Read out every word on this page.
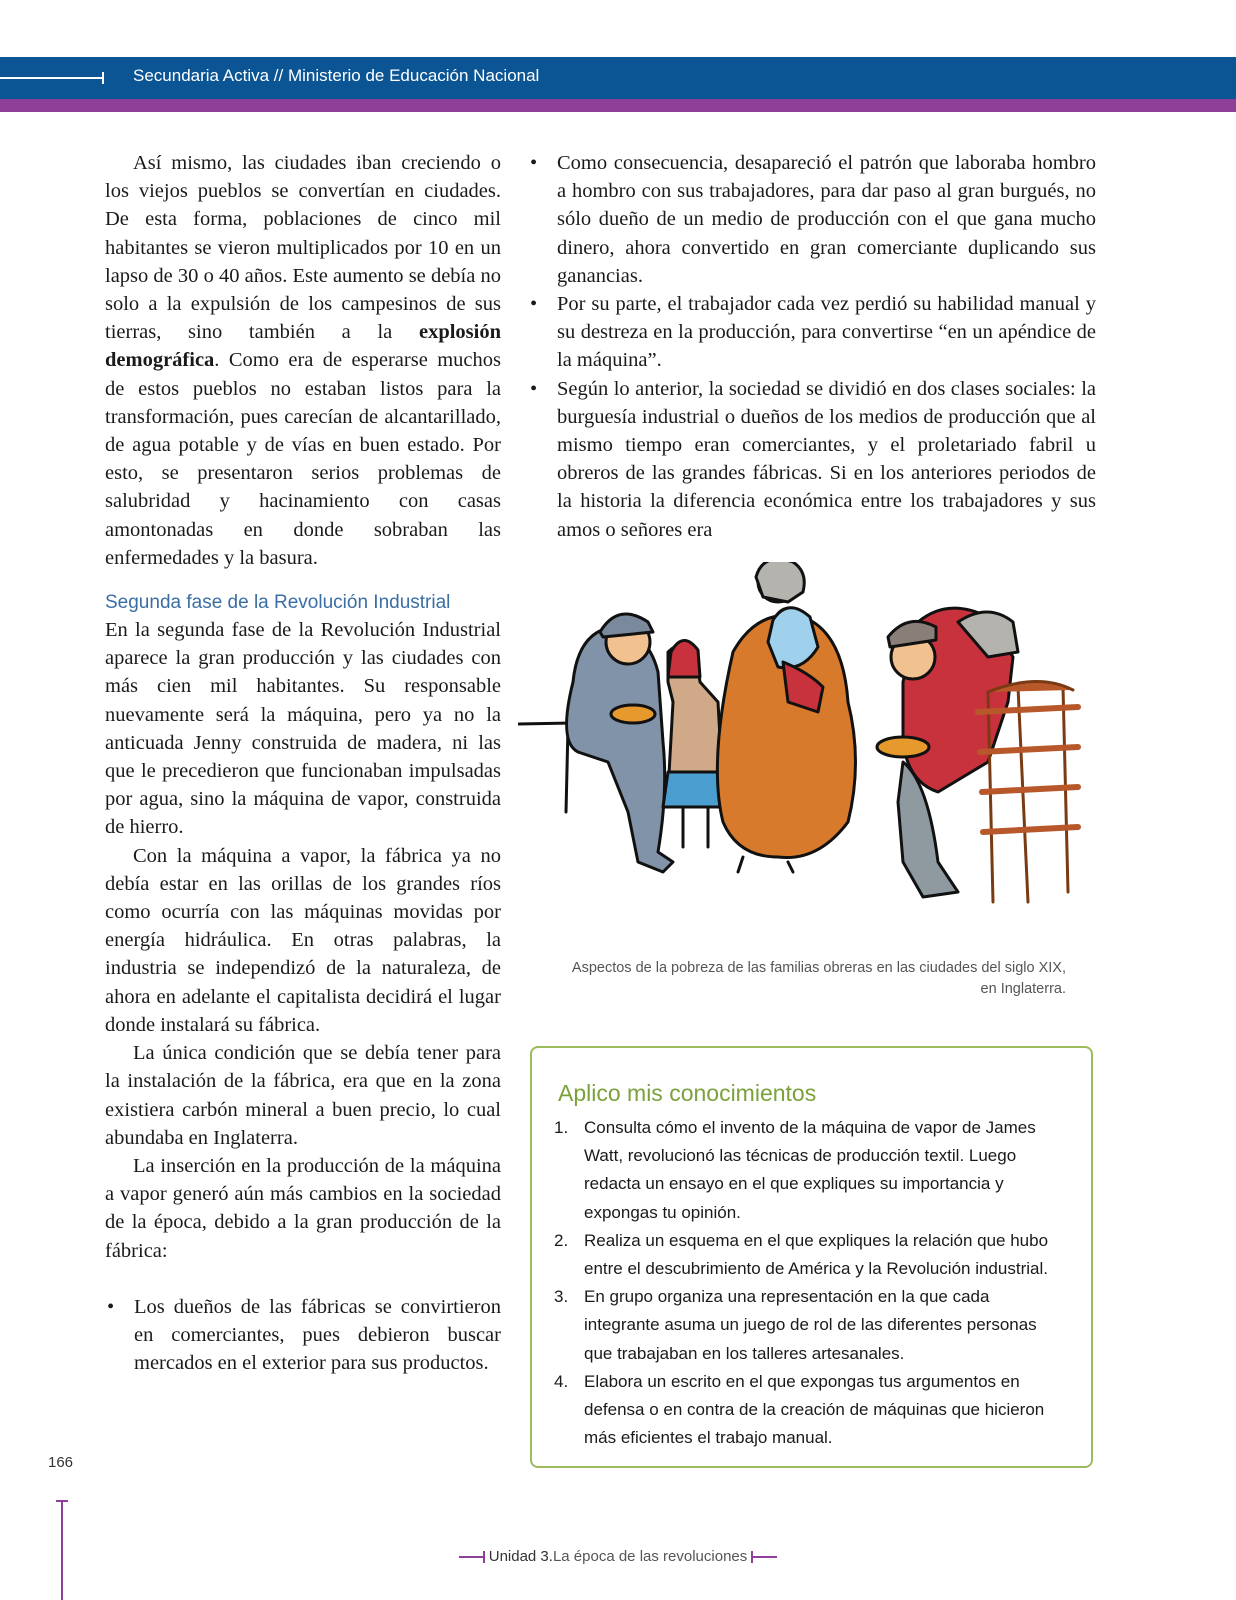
Secundaria Activa // Ministerio de Educación Nacional

Así mismo, las ciudades iban creciendo o los viejos pueblos se convertían en ciudades. De esta forma, poblaciones de cinco mil habitantes se vieron multiplicados por 10 en un lapso de 30 o 40 años. Este aumento se debía no solo a la expulsión de los campesinos de sus tierras, sino también a la explosión demográfica. Como era de esperarse muchos de estos pueblos no estaban listos para la transformación, pues carecían de alcantarillado, de agua potable y de vías en buen estado. Por esto, se presentaron serios problemas de salubridad y hacinamiento con casas amontonadas en donde sobraban las enfermedades y la basura.

Segunda fase de la Revolución Industrial

En la segunda fase de la Revolución Industrial aparece la gran producción y las ciudades con más cien mil habitantes. Su responsable nuevamente será la máquina, pero ya no la anticuada Jenny construida de madera, ni las que le precedieron que funcionaban impulsadas por agua, sino la máquina de vapor, construida de hierro.

Con la máquina a vapor, la fábrica ya no debía estar en las orillas de los grandes ríos como ocurría con las máquinas movidas por energía hidráulica. En otras palabras, la industria se independizó de la naturaleza, de ahora en adelante el capitalista decidirá el lugar donde instalará su fábrica.

La única condición que se debía tener para la instalación de la fábrica, era que en la zona existiera carbón mineral a buen precio, lo cual abundaba en Inglaterra.

La inserción en la producción de la máquina a vapor generó aún más cambios en la sociedad de la época, debido a la gran producción de la fábrica:

• Los dueños de las fábricas se convirtieron en comerciantes, pues debieron buscar mercados en el exterior para sus productos.
• Como consecuencia, desapareció el patrón que laboraba hombro a hombro con sus trabajadores, para dar paso al gran burgués, no sólo dueño de un medio de producción con el que gana mucho dinero, ahora convertido en gran comerciante duplicando sus ganancias.
• Por su parte, el trabajador cada vez perdió su habilidad manual y su destreza en la producción, para convertirse “en un apéndice de la máquina”.
• Según lo anterior, la sociedad se dividió en dos clases sociales: la burguesía industrial o dueños de los medios de producción que al mismo tiempo eran comerciantes, y el proletariado fabril u obreros de las grandes fábricas. Si en los anteriores periodos de la historia la diferencia económica entre los trabajadores y sus amos o señores era
Aspectos de la pobreza de las familias obreras en las ciudades del siglo XIX, en Inglaterra.
Aplico mis conocimientos
1. Consulta cómo el invento de la máquina de vapor de James Watt, revolucionó las técnicas de producción textil. Luego redacta un ensayo en el que expliques su importancia y expongas tu opinión.
2. Realiza un esquema en el que expliques la relación que hubo entre el descubrimiento de América y la Revolución industrial.
3. En grupo organiza una representación en la que cada integrante asuma un juego de rol de las diferentes personas que trabajaban en los talleres artesanales.
4. Elabora un escrito en el que expongas tus argumentos en defensa o en contra de la creación de máquinas que hicieron más eficientes el trabajo manual.
166
Unidad 3.La época de las revoluciones
